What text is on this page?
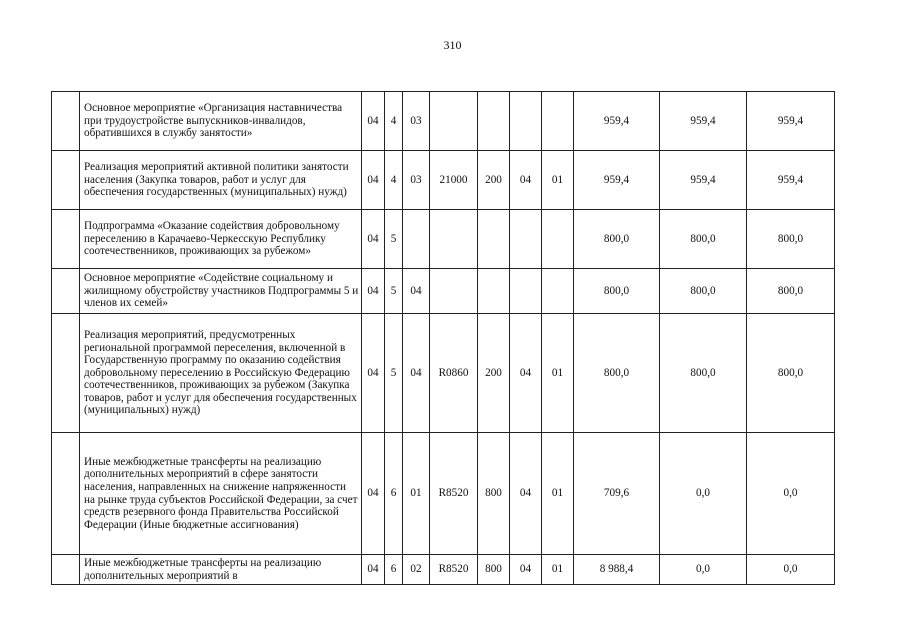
310
	Основное мероприятие «Организация наставничества при трудоустройстве выпускников-инвалидов, обратившихся в службу занятости»	04	4	03					959,4	959,4	959,4
	Реализация мероприятий активной политики занятости населения (Закупка товаров, работ и услуг для обеспечения государственных (муниципальных) нужд)	04	4	03	21000	200	04	01	959,4	959,4	959,4
	Подпрограмма «Оказание содействия добровольному переселению в Карачаево-Черкесскую Республику соотечественников, проживающих за рубежом»	04	5						800,0	800,0	800,0
	Основное мероприятие «Содействие социальному и жилищному обустройству участников Подпрограммы 5 и членов их семей»	04	5	04					800,0	800,0	800,0
	Реализация мероприятий, предусмотренных региональной программой переселения, включенной в Государственную программу по оказанию содействия добровольному переселению в Российскую Федерацию соотечественников, проживающих за рубежом (Закупка товаров, работ и услуг для обеспечения государственных (муниципальных) нужд)	04	5	04	R0860	200	04	01	800,0	800,0	800,0
	Иные межбюджетные трансферты на реализацию дополнительных мероприятий в сфере занятости населения, направленных на снижение напряженности на рынке труда субъектов Российской Федерации, за счет средств резервного фонда Правительства Российской Федерации (Иные бюджетные ассигнования)	04	6	01	R8520	800	04	01	709,6	0,0	0,0
	Иные межбюджетные трансферты на реализацию дополнительных мероприятий в	04	6	02	R8520	800	04	01	8 988,4	0,0	0,0
